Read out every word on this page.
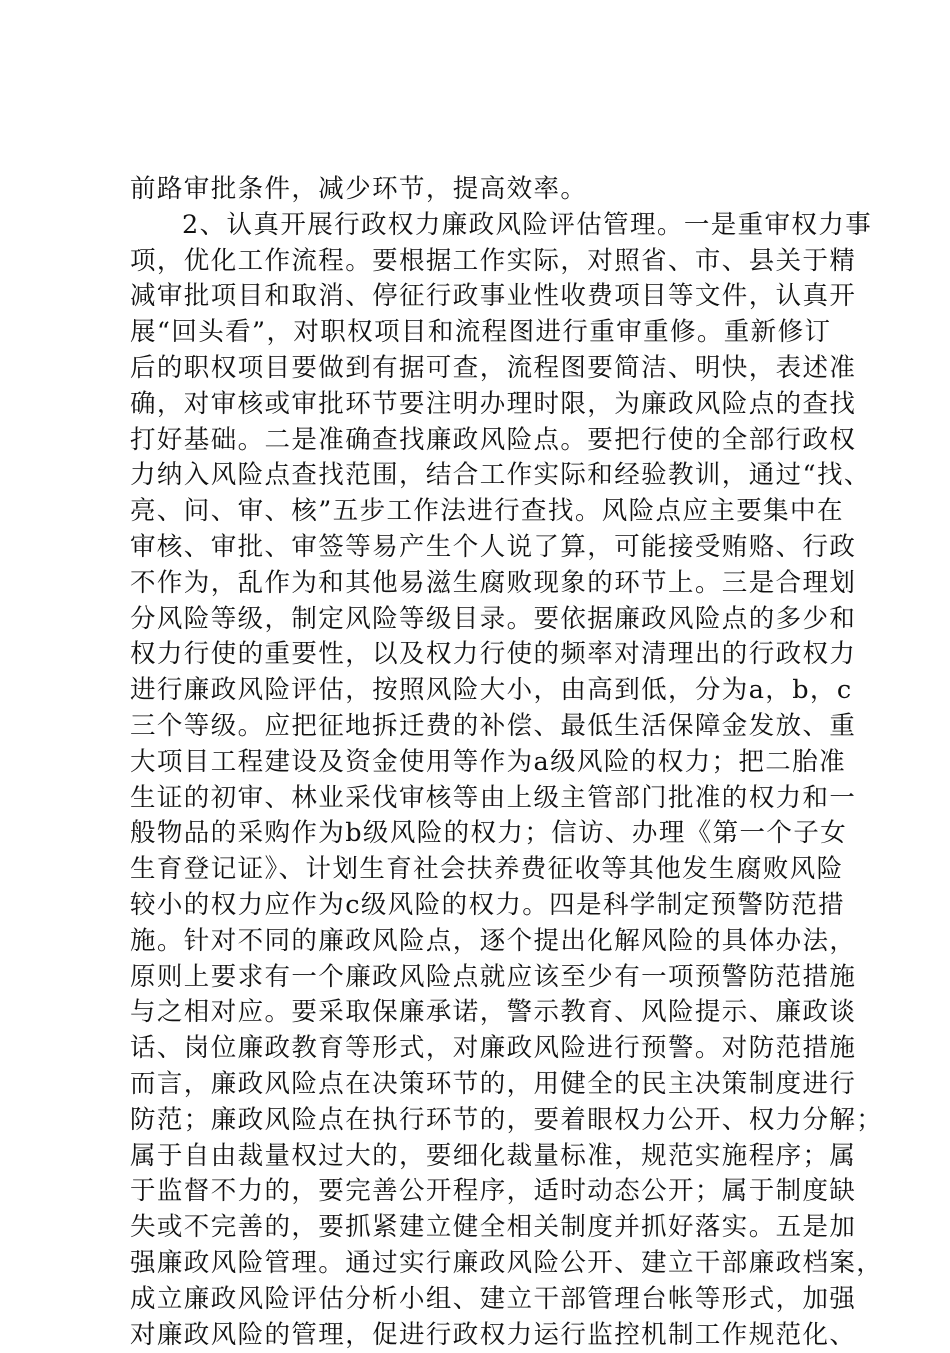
前路审批条件，减少环节，提高效率。
2、认真开展行政权力廉政风险评估管理。一是重审权力事
项，优化工作流程。要根据工作实际，对照省、市、县关于精
减审批项目和取消、停征行政事业性收费项目等文件，认真开
展“回头看”，对职权项目和流程图进行重审重修。重新修订
后的职权项目要做到有据可查，流程图要简洁、明快，表述准
确，对审核或审批环节要注明办理时限，为廉政风险点的查找
打好基础。二是准确查找廉政风险点。要把行使的全部行政权
力纳入风险点查找范围，结合工作实际和经验教训，通过“找、
亮、问、审、核”五步工作法进行查找。风险点应主要集中在
审核、审批、审签等易产生个人说了算，可能接受贿赂、行政
不作为，乱作为和其他易滋生腐败现象的环节上。三是合理划
分风险等级，制定风险等级目录。要依据廉政风险点的多少和
权力行使的重要性，以及权力行使的频率对清理出的行政权力
进行廉政风险评估，按照风险大小，由高到低，分为a，b，c
三个等级。应把征地拆迁费的补偿、最低生活保障金发放、重
大项目工程建设及资金使用等作为a级风险的权力；把二胎准
生证的初审、林业采伐审核等由上级主管部门批准的权力和一
般物品的采购作为b级风险的权力；信访、办理《第一个子女
生育登记证》、计划生育社会扶养费征收等其他发生腐败风险
较小的权力应作为c级风险的权力。四是科学制定预警防范措
施。针对不同的廉政风险点，逐个提出化解风险的具体办法，
原则上要求有一个廉政风险点就应该至少有一项预警防范措施
与之相对应。要采取保廉承诺，警示教育、风险提示、廉政谈
话、岗位廉政教育等形式，对廉政风险进行预警。对防范措施
而言，廉政风险点在决策环节的，用健全的民主决策制度进行
防范；廉政风险点在执行环节的，要着眼权力公开、权力分解；
属于自由裁量权过大的，要细化裁量标准，规范实施程序；属
于监督不力的，要完善公开程序，适时动态公开；属于制度缺
失或不完善的，要抓紧建立健全相关制度并抓好落实。五是加
强廉政风险管理。通过实行廉政风险公开、建立干部廉政档案，
成立廉政风险评估分析小组、建立干部管理台帐等形式，加强
对廉政风险的管理，促进行政权力运行监控机制工作规范化、
